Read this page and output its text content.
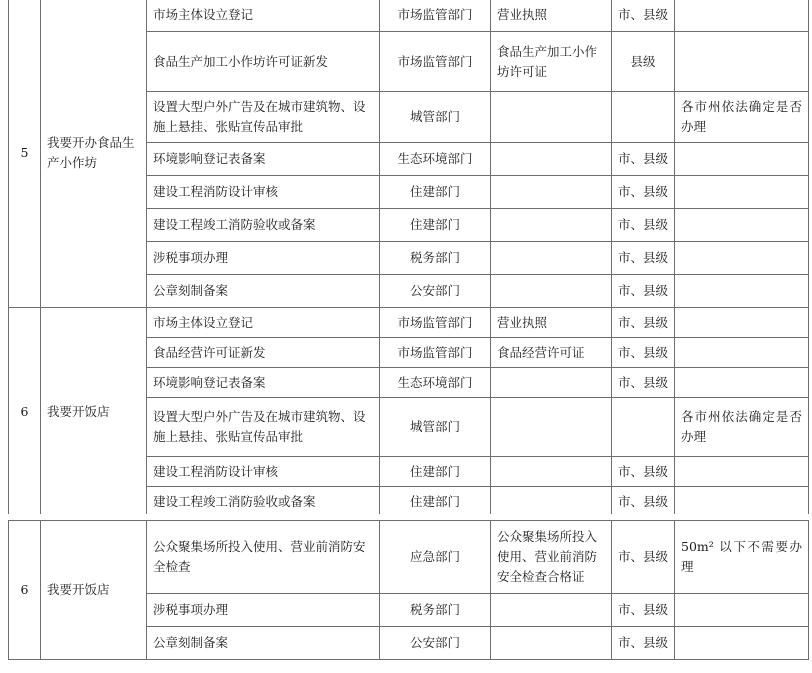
5	我要开办食品生产小作坊	市场主体设立登记	市场监管部门	营业执照	市、县级	
		食品生产加工小作坊许可证新发	市场监管部门	食品生产加工小作坊许可证	县级	
		设置大型户外广告及在城市建筑物、设施上悬挂、张贴宣传品审批	城管部门			各市州依法确定是否办理
		环境影响登记表备案	生态环境部门		市、县级	
		建设工程消防设计审核	住建部门		市、县级	
		建设工程竣工消防验收或备案	住建部门		市、县级	
		涉税事项办理	税务部门		市、县级	
		公章刻制备案	公安部门		市、县级	
6	我要开饭店	市场主体设立登记	市场监管部门	营业执照	市、县级	
		食品经营许可证新发	市场监管部门	食品经营许可证	市、县级	
		环境影响登记表备案	生态环境部门		市、县级	
		设置大型户外广告及在城市建筑物、设施上悬挂、张贴宣传品审批	城管部门			各市州依法确定是否办理
		建设工程消防设计审核	住建部门		市、县级	
		建设工程竣工消防验收或备案	住建部门		市、县级	
6	我要开饭店	公众聚集场所投入使用、营业前消防安全检查	应急部门	公众聚集场所投入使用、营业前消防安全检查合格证	市、县级	50m² 以下不需要办理
		涉税事项办理	税务部门		市、县级	
		公章刻制备案	公安部门		市、县级	
